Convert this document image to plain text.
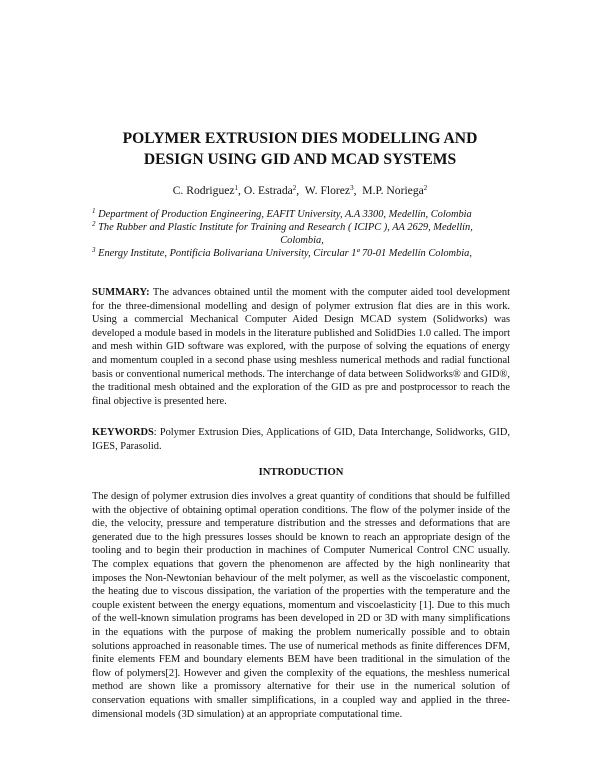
POLYMER EXTRUSION DIES MODELLING AND
DESIGN USING GID AND MCAD SYSTEMS
C. Rodriguez$^1$, O. Estrada$^2$,  W. Florez$^3$,  M.P. Noriega$^2$
$^1$ Department of Production Engineering, EAFIT University, A.A 3300, Medellín, Colombia
$^2$ The Rubber and Plastic Institute for Training and Research ( ICIPC ), AA 2629, Medellín,
Colombia,
$^3$ Energy Institute, Pontificia Bolivariana University, Circular 1ª 70-01 Medellín Colombia,

SUMMARY: The advances obtained until the moment with the computer aided tool development for the three-dimensional modelling and design of polymer extrusion flat dies are in this work. Using a commercial Mechanical Computer Aided Design MCAD system (Solidworks) was developed a module based in models in the literature published and SolidDies 1.0 called. The import and mesh within GID software was explored, with the purpose of solving the equations of energy and momentum coupled in a second phase using meshless numerical methods and radial functional basis or conventional numerical methods. The interchange of data between Solidworks® and GID®, the traditional mesh obtained and the exploration of the GID as pre and postprocessor to reach the final objective is presented here.

KEYWORDS: Polymer Extrusion Dies, Applications of GID, Data Interchange, Solidworks, GID, IGES, Parasolid.

INTRODUCTION

The design of polymer extrusion dies involves a great quantity of conditions that should be fulfilled with the objective of obtaining optimal operation conditions. The flow of the polymer inside of the die, the velocity, pressure and temperature distribution and the stresses and deformations that are generated due to the high pressures losses should be known to reach an appropriate design of the tooling and to begin their production in machines of Computer Numerical Control CNC usually. The complex equations that govern the phenomenon are affected by the high nonlinearity that imposes the Non-Newtonian behaviour of the melt polymer, as well as the viscoelastic component, the heating due to viscous dissipation, the variation of the properties with the temperature and the couple existent between the energy equations, momentum and viscoelasticity [1]. Due to this much of the well-known simulation programs has been developed in 2D or 3D with many simplifications in the equations with the purpose of making the problem numerically possible and to obtain solutions approached in reasonable times. The use of numerical methods as finite differences DFM, finite elements FEM and boundary elements BEM have been traditional in the simulation of the flow of polymers[2]. However and given the complexity of the equations, the meshless numerical method are shown like a promissory alternative for their use in the numerical solution of conservation equations with smaller simplifications, in a coupled way and applied in the three-dimensional models (3D simulation) at an appropriate computational time.
